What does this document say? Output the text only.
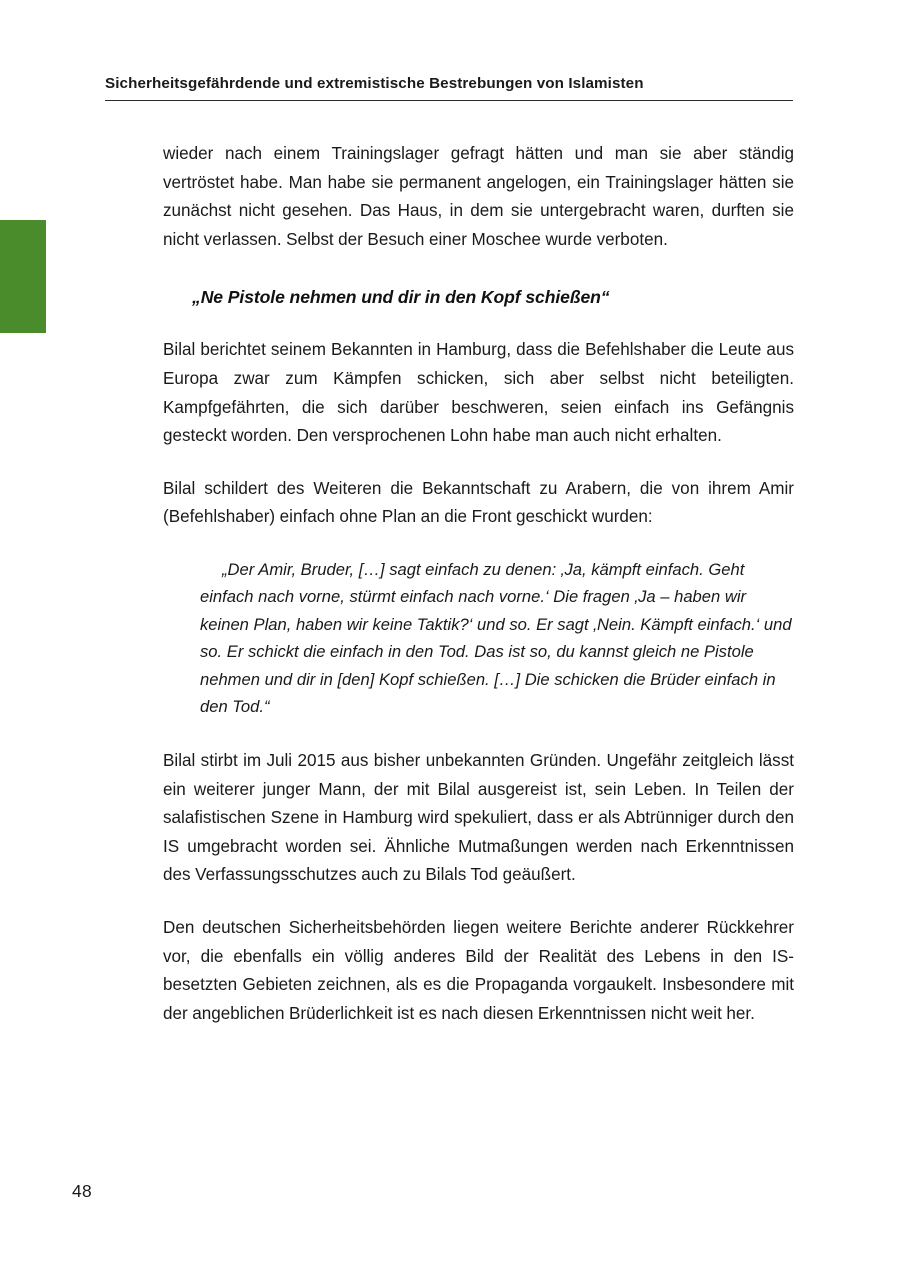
Sicherheitsgefährdende und extremistische Bestrebungen von Islamisten

wieder nach einem Trainingslager gefragt hätten und man sie aber ständig vertröstet habe. Man habe sie permanent angelogen, ein Trainingslager hätten sie zunächst nicht gesehen. Das Haus, in dem sie untergebracht waren, durften sie nicht verlassen. Selbst der Besuch einer Moschee wurde verboten.

„Ne Pistole nehmen und dir in den Kopf schießen“

Bilal berichtet seinem Bekannten in Hamburg, dass die Befehlshaber die Leute aus Europa zwar zum Kämpfen schicken, sich aber selbst nicht beteiligten. Kampfgefährten, die sich darüber beschweren, seien einfach ins Gefängnis gesteckt worden. Den versprochenen Lohn habe man auch nicht erhalten.

Bilal schildert des Weiteren die Bekanntschaft zu Arabern, die von ihrem Amir (Befehlshaber) einfach ohne Plan an die Front geschickt wurden:

„Der Amir, Bruder, […] sagt einfach zu denen: ‚Ja, kämpft einfach. Geht einfach nach vorne, stürmt einfach nach vorne.‘ Die fragen ‚Ja – haben wir keinen Plan, haben wir keine Taktik?‘ und so. Er sagt ‚Nein. Kämpft einfach.‘ und so. Er schickt die einfach in den Tod. Das ist so, du kannst gleich ne Pistole nehmen und dir in [den] Kopf schießen. […] Die schicken die Brüder einfach in den Tod.“

Bilal stirbt im Juli 2015 aus bisher unbekannten Gründen. Ungefähr zeitgleich lässt ein weiterer junger Mann, der mit Bilal ausgereist ist, sein Leben. In Teilen der salafistischen Szene in Hamburg wird spekuliert, dass er als Abtrünniger durch den IS umgebracht worden sei. Ähnliche Mutmaßungen werden nach Erkenntnissen des Verfassungsschutzes auch zu Bilals Tod geäußert.

Den deutschen Sicherheitsbehörden liegen weitere Berichte anderer Rückkehrer vor, die ebenfalls ein völlig anderes Bild der Realität des Lebens in den IS-besetzten Gebieten zeichnen, als es die Propaganda vorgaukelt. Insbesondere mit der angeblichen Brüderlichkeit ist es nach diesen Erkenntnissen nicht weit her.

48
